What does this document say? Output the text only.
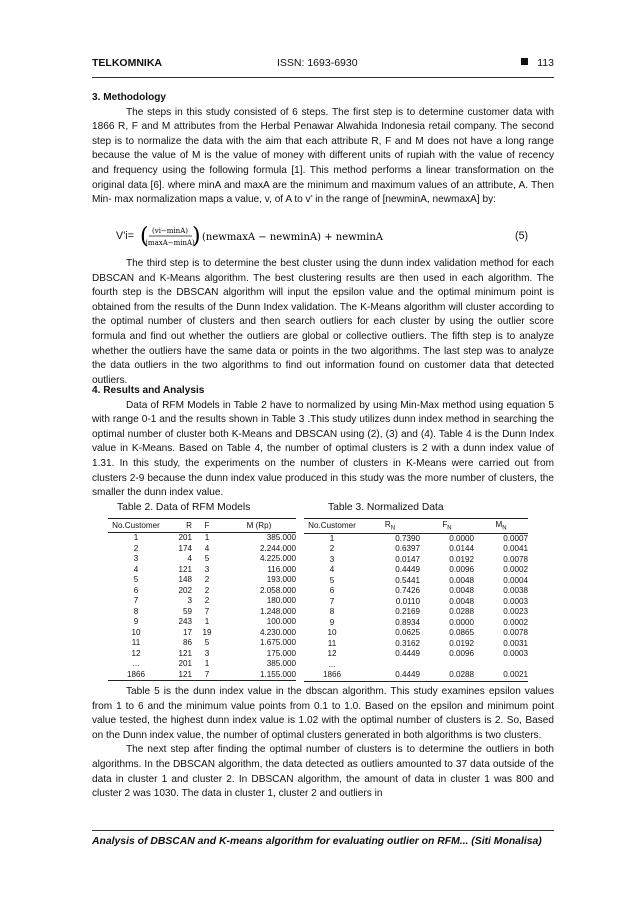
TELKOMNIKA	ISSN: 1693-6930	113

3. Methodology

The steps in this study consisted of 6 steps. The first step is to determine customer data with 1866 R, F and M attributes from the Herbal Penawar Alwahida Indonesia retail company. The second step is to normalize the data with the aim that each attribute R, F and M does not have a long range because the value of M is the value of money with different units of rupiah with the value of recency and frequency using the following formula [1]. This method performs a linear transformation on the original data [6]. where minA and maxA are the minimum and maximum values of an attribute, A. Then Min- max normalization maps a value, v, of A to v’ in the range of [newminA, newmaxA] by:

V’i= ( (vi−minA)
(maxA−minA)
) (newmaxA − newminA) + newminA	(5)

The third step is to determine the best cluster using the dunn index validation method for each DBSCAN and K-Means algorithm. The best clustering results are then used in each algorithm. The fourth step is the DBSCAN algorithm will input the epsilon value and the optimal minimum point is obtained from the results of the Dunn Index validation. The K-Means algorithm will cluster according to the optimal number of clusters and then search outliers for each cluster by using the outlier score formula and find out whether the outliers are global or collective outliers. The fifth step is to analyze whether the outliers have the same data or points in the two algorithms. The last step was to analyze the data outliers in the two algorithms to find out information found on customer data that detected outliers.

4. Results and Analysis

Data of RFM Models in Table 2 have to normalized by using Min-Max method using equation 5 with range 0-1 and the results shown in Table 3 .This study utilizes dunn index method in searching the optimal number of cluster both K-Means and DBSCAN using (2), (3) and (4). Table 4 is the Dunn Index value in K-Means. Based on Table 4, the number of optimal clusters is 2 with a dunn index value of 1.31. In this study, the experiments on the number of clusters in K-Means were carried out from clusters 2-9 because the dunn index value produced in this study was the more number of clusters, the smaller the dunn index value.

Table 2. Data of RFM Models	Table 3. Normalized Data
No.Customer	R	F	M (Rp)
1	201	1	385.000
2	174	4	2.244.000
3	4	5	4.225.000
4	121	3	116.000
5	148	2	193.000
6	202	2	2.058.000
7	3	2	180.000
8	59	7	1.248.000
9	243	1	100.000
10	17	19	4.230.000
11	86	5	1.675.000
12	121	3	175.000
...	201	1	385.000
1866	121	7	1.155.000
No.Customer	$R_N$	$F_N$	$M_N$
1	0.7390	0.0000	0.0007
2	0.6397	0.0144	0.0041
3	0.0147	0.0192	0.0078
4	0.4449	0.0096	0.0002
5	0.5441	0.0048	0.0004
6	0.7426	0.0048	0.0038
7	0.0110	0.0048	0.0003
8	0.2169	0.0288	0.0023
9	0.8934	0.0000	0.0002
10	0.0625	0.0865	0.0078
11	0.3162	0.0192	0.0031
12	0.4449	0.0096	0.0003
...			
1866	0.4449	0.0288	0.0021

Table 5 is the dunn index value in the dbscan algorithm. This study examines epsilon values from 1 to 6 and the minimum value points from 0.1 to 1.0. Based on the epsilon and minimum point value tested, the highest dunn index value is 1.02 with the optimal number of clusters is 2. So, Based on the Dunn index value, the number of optimal clusters generated in both algorithms is two clusters.

The next step after finding the optimal number of clusters is to determine the outliers in both algorithms. In the DBSCAN algorithm, the data detected as outliers amounted to 37 data outside of the data in cluster 1 and cluster 2. In DBSCAN algorithm, the amount of data in cluster 1 was 800 and cluster 2 was 1030. The data in cluster 1, cluster 2 and outliers in

Analysis of DBSCAN and K-means algorithm for evaluating outlier on RFM... (Siti Monalisa)
